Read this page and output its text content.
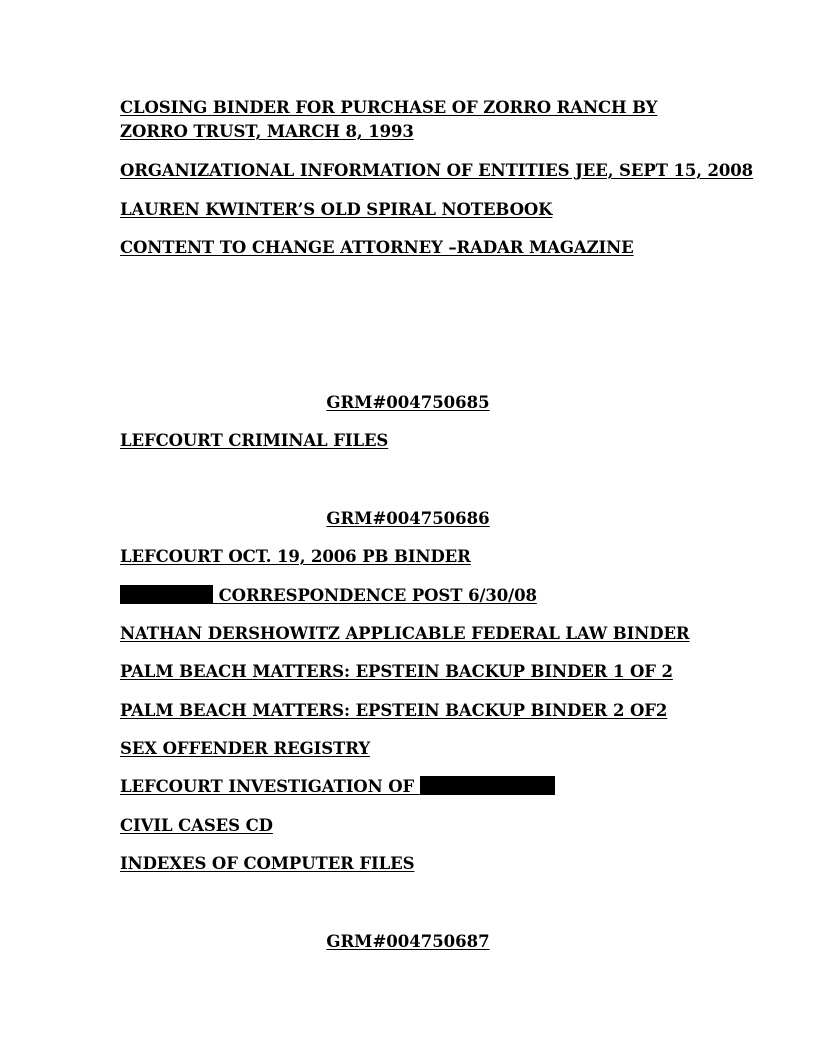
CLOSING BINDER FOR PURCHASE OF ZORRO RANCH BY ZORRO TRUST, MARCH 8, 1993
ORGANIZATIONAL INFORMATION OF ENTITIES JEE, SEPT 15, 2008
LAUREN KWINTER’S OLD SPIRAL NOTEBOOK
CONTENT TO CHANGE ATTORNEY –RADAR MAGAZINE
GRM#004750685
LEFCOURT CRIMINAL FILES
GRM#004750686
LEFCOURT OCT. 19, 2006 PB BINDER
CORRESPONDENCE POST 6/30/08
NATHAN DERSHOWITZ APPLICABLE FEDERAL LAW BINDER
PALM BEACH MATTERS: EPSTEIN BACKUP BINDER 1 OF 2
PALM BEACH MATTERS: EPSTEIN BACKUP BINDER 2 OF2
SEX OFFENDER REGISTRY
LEFCOURT INVESTIGATION OF
CIVIL CASES CD
INDEXES OF COMPUTER FILES
GRM#004750687
